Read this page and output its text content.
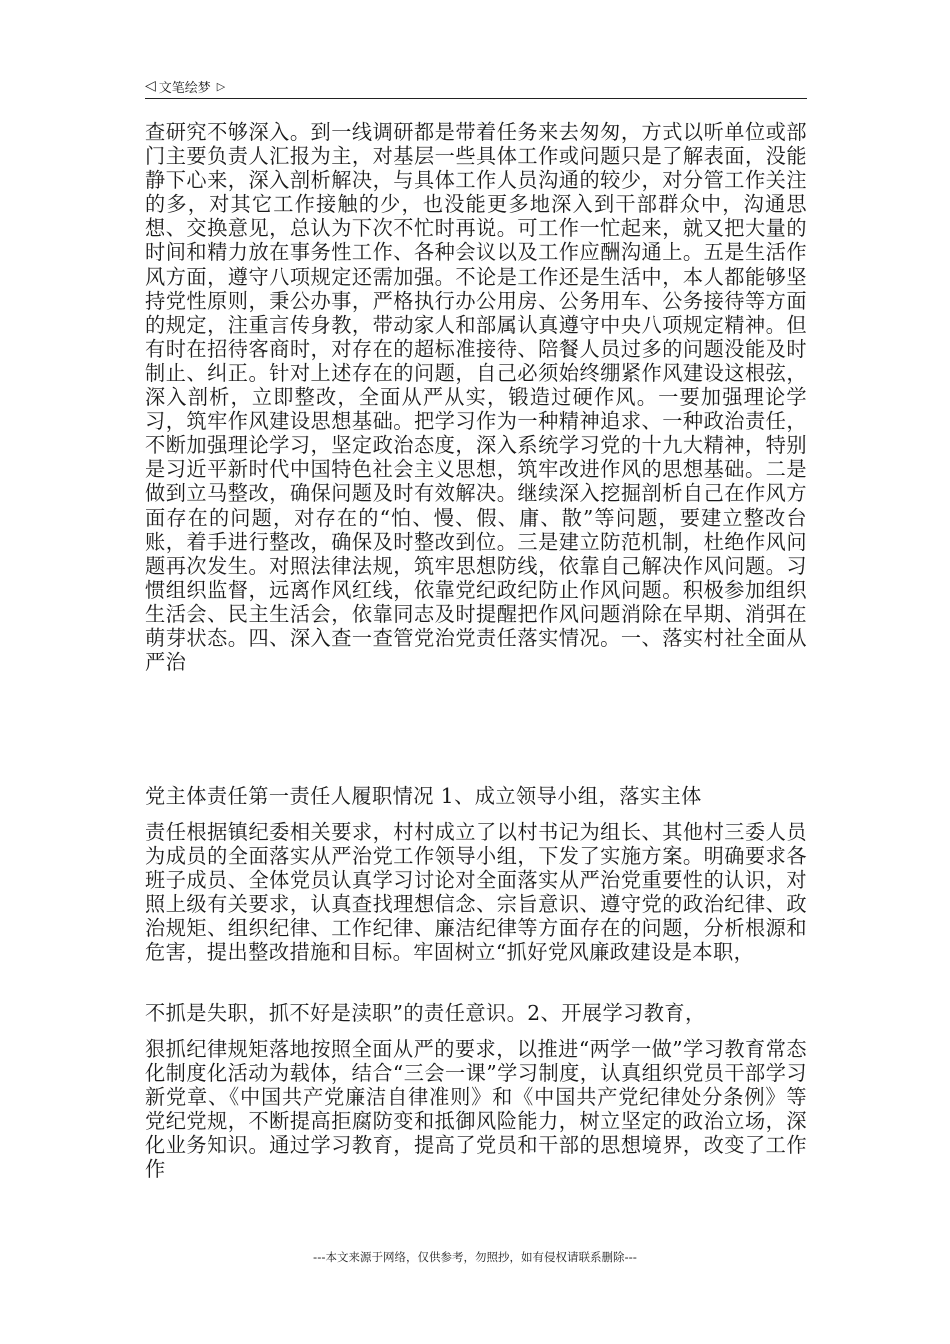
◁ 文笔绘梦 ▷

查研究不够深入。到一线调研都是带着任务来去匆匆，方式以听单位或部门主要负责人汇报为主，对基层一些具体工作或问题只是了解表面，没能静下心来，深入剖析解决，与具体工作人员沟通的较少，对分管工作关注的多，对其它工作接触的少，也没能更多地深入到干部群众中，沟通思想、交换意见，总认为下次不忙时再说。可工作一忙起来，就又把大量的时间和精力放在事务性工作、各种会议以及工作应酬沟通上。五是生活作风方面，遵守八项规定还需加强。不论是工作还是生活中，本人都能够坚持党性原则，秉公办事，严格执行办公用房、公务用车、公务接待等方面的规定，注重言传身教，带动家人和部属认真遵守中央八项规定精神。但有时在招待客商时，对存在的超标准接待、陪餐人员过多的问题没能及时制止、纠正。针对上述存在的问题，自己必须始终绷紧作风建设这根弦，深入剖析，立即整改，全面从严从实，锻造过硬作风。一要加强理论学习，筑牢作风建设思想基础。把学习作为一种精神追求、一种政治责任，不断加强理论学习，坚定政治态度，深入系统学习党的十九大精神，特别是习近平新时代中国特色社会主义思想，筑牢改进作风的思想基础。二是做到立马整改，确保问题及时有效解决。继续深入挖掘剖析自己在作风方面存在的问题，对存在的“怕、慢、假、庸、散”等问题，要建立整改台账，着手进行整改，确保及时整改到位。三是建立防范机制，杜绝作风问题再次发生。对照法律法规，筑牢思想防线，依靠自己解决作风问题。习惯组织监督，远离作风红线，依靠党纪政纪防止作风问题。积极参加组织生活会、民主生活会，依靠同志及时提醒把作风问题消除在早期、消弭在萌芽状态。四、深入查一查管党治党责任落实情况。一、落实村社全面从严治

党主体责任第一责任人履职情况 1、成立领导小组，落实主体

责任根据镇纪委相关要求，村村成立了以村书记为组长、其他村三委人员为成员的全面落实从严治党工作领导小组，下发了实施方案。明确要求各班子成员、全体党员认真学习讨论对全面落实从严治党重要性的认识，对照上级有关要求，认真查找理想信念、宗旨意识、遵守党的政治纪律、政治规矩、组织纪律、工作纪律、廉洁纪律等方面存在的问题，分析根源和危害，提出整改措施和目标。牢固树立“抓好党风廉政建设是本职，

不抓是失职，抓不好是渎职”的责任意识。2、开展学习教育，

狠抓纪律规矩落地按照全面从严的要求，以推进“两学一做”学习教育常态化制度化活动为载体，结合“三会一课”学习制度，认真组织党员干部学习新党章、《中国共产党廉洁自律准则》和《中国共产党纪律处分条例》等党纪党规，不断提高拒腐防变和抵御风险能力，树立坚定的政治立场，深化业务知识。通过学习教育，提高了党员和干部的思想境界，改变了工作作

---本文来源于网络，仅供参考，勿照抄，如有侵权请联系删除---
